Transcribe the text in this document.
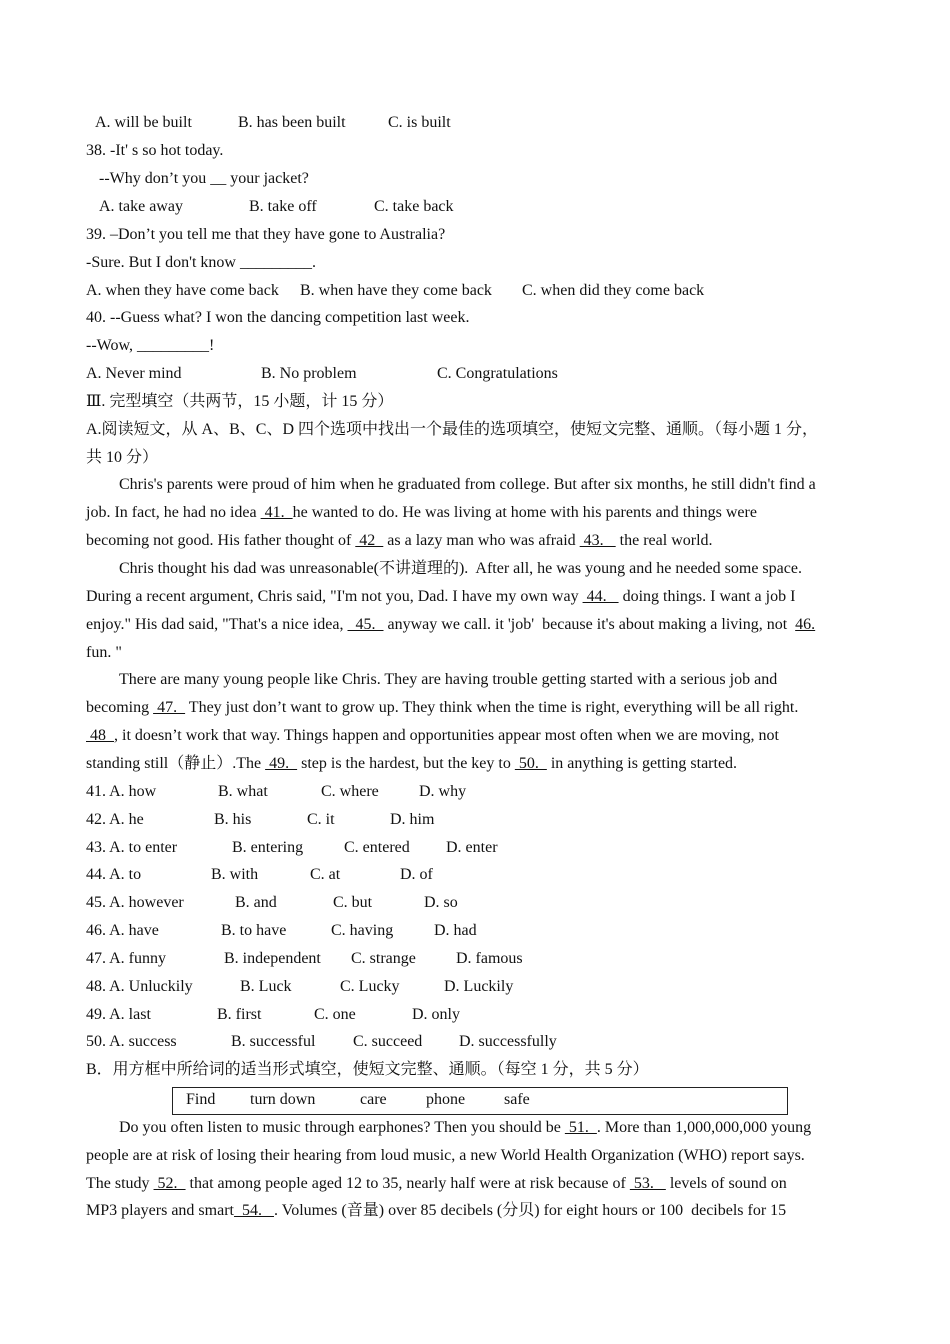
A. will be built	B. has been built	C. is built
38. -It' s so hot today.
--Why don’t you __ your jacket?
A. take away	B. take off	C. take back
39. –Don’t you tell me that they have gone to Australia?
-Sure. But I don't know _________.
A. when they have come back B. when have they come back C. when did they come back
40. --Guess what? I won the dancing competition last week.
--Wow, _________!
A. Never mind	B. No problem	C. Congratulations
Ⅲ. 完型填空（共两节，15 小题，计 15 分）
A.阅读短文，从 A、B、C、D 四个选项中找出一个最佳的选项填空，使短文完整、通顺。（每小题 1 分，
共 10 分）
Chris's parents were proud of him when he graduated from college. But after six months, he still didn't find a
job. In fact, he had no idea  41.  he wanted to do. He was living at home with his parents and things were
becoming not good. His father thought of  42   as a lazy man who was afraid  43.    the real world.
Chris thought his dad was unreasonable(不讲道理的).  After all, he was young and he needed some space.
During a recent argument, Chris said, "I'm not you, Dad. I have my own way  44.    doing things. I want a job I
enjoy." His dad said, "That's a nice idea,   45.   anyway we call. it 'job'  because it's about making a living, not  46.
fun. "
There are many young people like Chris. They are having trouble getting started with a serious job and
becoming  47.   They just don’t want to grow up. They think when the time is right, everything will be all right.
48  , it doesn’t work that way. Things happen and opportunities appear most often when we are moving, not
standing still（静止）.The  49.   step is the hardest, but the key to  50.   in anything is getting started.
41. A. how	B. what	C. where	D. why
42. A. he	B. his	C. it	D. him
43. A. to enter	B. entering	C. entered D. enter
44. A. to	B. with	C. at	D. of
45. A. however	B. and	C. but	D. so
46. A. have	B. to have	C. having	D. had
47. A. funny	B. independent C. strange	D. famous
48. A. Unluckily	B. Luck	C. Lucky	D. Luckily
49. A. last	B. first	C. one	D. only
50. A. success	B. successful C. succeed D. successfully
B．用方框中所给词的适当形式填空，使短文完整、通顺。（每空 1 分，共 5 分）
Find turn down	care phone safe
Do you often listen to music through earphones? Then you should be  51.  . More than 1,000,000,000 young
people are at risk of losing their hearing from loud music, a new World Health Organization (WHO) report says.
The study  52.   that among people aged 12 to 35, nearly half were at risk because of  53.    levels of sound on
MP3 players and smart  54.   . Volumes (音量) over 85 decibels (分贝) for eight hours or 100  decibels for 15
